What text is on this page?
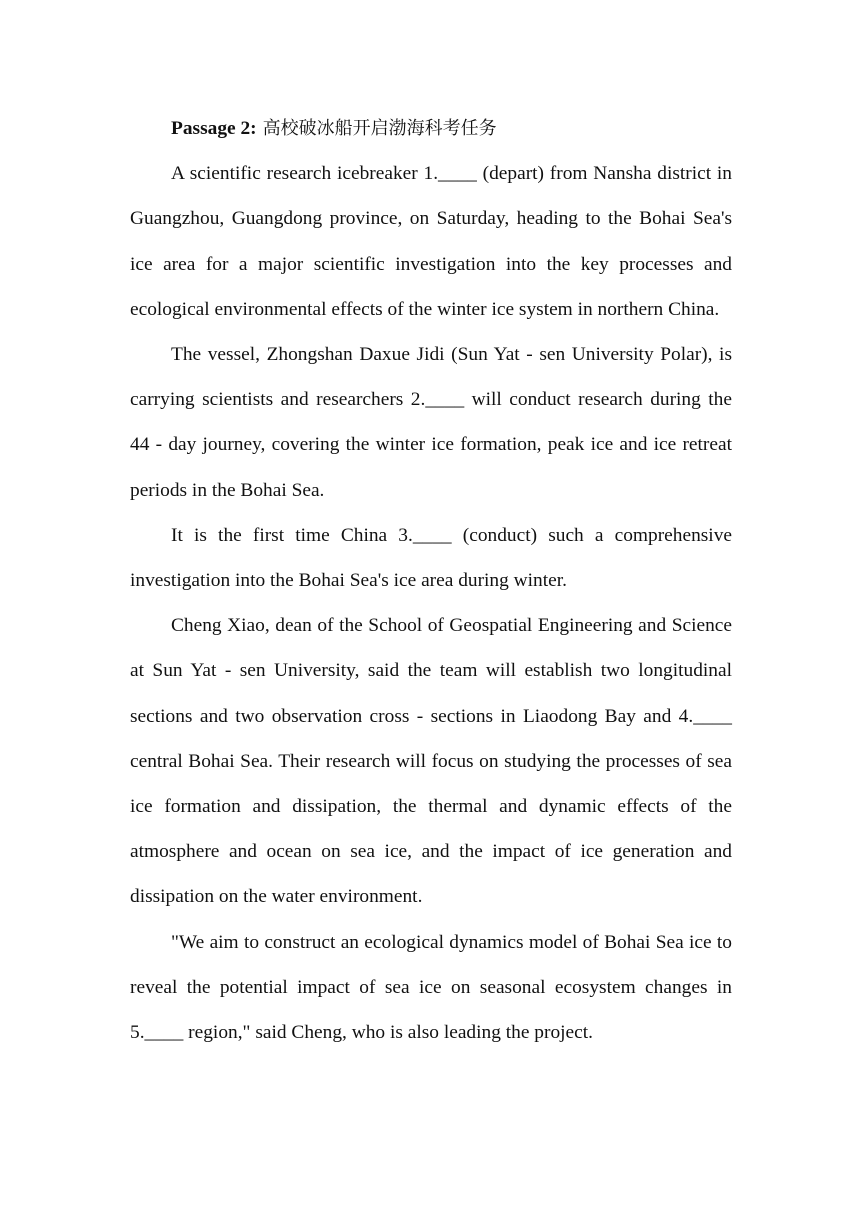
Passage 2: 高校破冰船开启渤海科考任务

A scientific research icebreaker 1.____ (depart) from Nansha district in Guangzhou, Guangdong province, on Saturday, heading to the Bohai Sea's ice area for a major scientific investigation into the key processes and ecological environmental effects of the winter ice system in northern China.

The vessel, Zhongshan Daxue Jidi (Sun Yat - sen University Polar), is carrying scientists and researchers 2.____ will conduct research during the 44 - day journey, covering the winter ice formation, peak ice and ice retreat periods in the Bohai Sea.

It is the first time China 3.____ (conduct) such a comprehensive investigation into the Bohai Sea's ice area during winter.

Cheng Xiao, dean of the School of Geospatial Engineering and Science at Sun Yat - sen University, said the team will establish two longitudinal sections and two observation cross - sections in Liaodong Bay and 4.____ central Bohai Sea. Their research will focus on studying the processes of sea ice formation and dissipation, the thermal and dynamic effects of the atmosphere and ocean on sea ice, and the impact of ice generation and dissipation on the water environment.

"We aim to construct an ecological dynamics model of Bohai Sea ice to reveal the potential impact of sea ice on seasonal ecosystem changes in 5.____ region," said Cheng, who is also leading the project.
